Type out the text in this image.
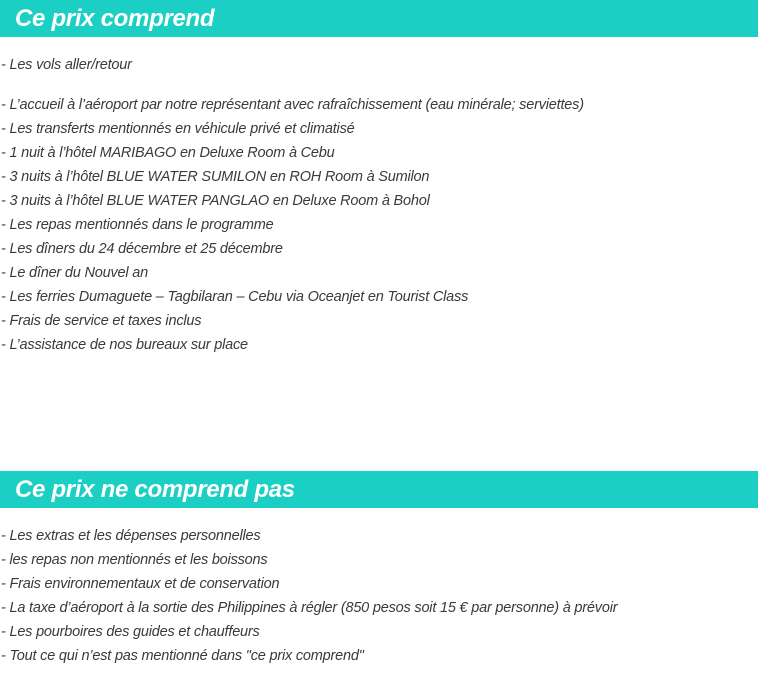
Ce prix comprend

- Les vols aller/retour

- L’accueil à l’aéroport par notre représentant avec rafraîchissement (eau minérale; serviettes)

- Les transferts mentionnés en véhicule privé et climatisé

- 1 nuit à l’hôtel MARIBAGO en Deluxe Room à Cebu

- 3 nuits à l’hôtel BLUE WATER SUMILON en ROH Room à Sumilon

- 3 nuits à l’hôtel BLUE WATER PANGLAO en Deluxe Room à Bohol

- Les repas mentionnés dans le programme

- Les dîners du 24 décembre et 25 décembre

- Le dîner du Nouvel an

- Les ferries Dumaguete – Tagbilaran – Cebu via Oceanjet en Tourist Class

- Frais de service et taxes inclus

- L’assistance de nos bureaux sur place

Ce prix ne comprend pas

- Les extras et les dépenses personnelles

- les repas non mentionnés et les boissons

- Frais environnementaux et de conservation

- La taxe d’aéroport à la sortie des Philippines à régler (850 pesos soit 15 € par personne) à prévoir

- Les pourboires des guides et chauffeurs

- Tout ce qui n’est pas mentionné dans "ce prix comprend"
